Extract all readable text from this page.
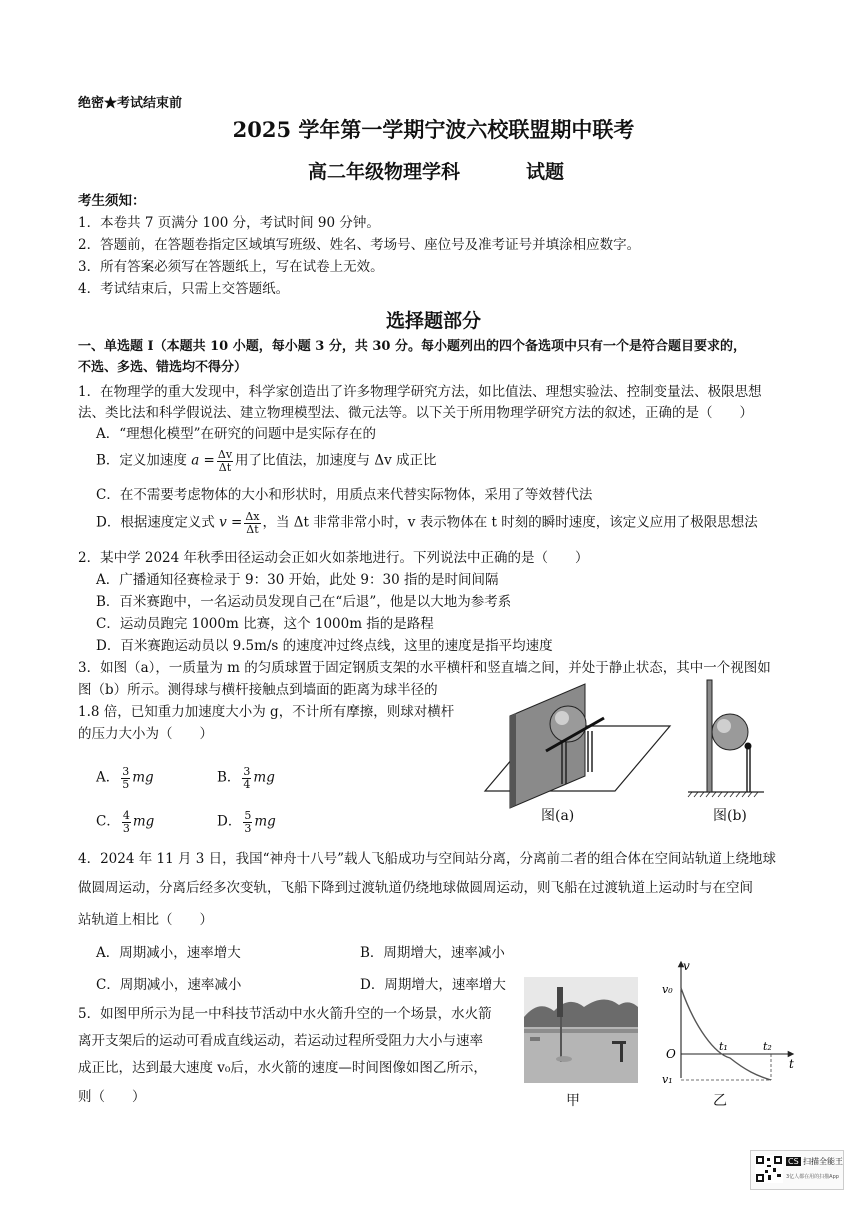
绝密★考试结束前
2025 学年第一学期宁波六校联盟期中联考
高二年级物理学科	试题
考生须知：
1．本卷共 7 页满分 100 分，考试时间 90 分钟。
2．答题前，在答题卷指定区域填写班级、姓名、考场号、座位号及准考证号并填涂相应数字。
3．所有答案必须写在答题纸上，写在试卷上无效。
4．考试结束后，只需上交答题纸。
选择题部分
一、单选题 I（本题共 10 小题，每小题 3 分，共 30 分。每小题列出的四个备选项中只有一个是符合题目要求的，
不选、多选、错选均不得分）
1．在物理学的重大发现中，科学家创造出了许多物理学研究方法，如比值法、理想实验法、控制变量法、极限思想
法、类比法和科学假说法、建立物理模型法、微元法等。以下关于所用物理学研究方法的叙述，正确的是（　　）
A．“理想化模型”在研究的问题中是实际存在的
B．定义加速度 $a = \frac{\Delta v}{\Delta t}$ 用了比值法，加速度与 Δv 成正比
C．在不需要考虑物体的大小和形状时，用质点来代替实际物体，采用了等效替代法
D．根据速度定义式 $v = \frac{\Delta x}{\Delta t}$ ，当 Δt 非常非常小时，v 表示物体在 t 时刻的瞬时速度，该定义应用了极限思想法
2．某中学 2024 年秋季田径运动会正如火如荼地进行。下列说法中正确的是（　　）
A．广播通知径赛检录于 9：30 开始，此处 9：30 指的是时间间隔
B．百米赛跑中，一名运动员发现自己在“后退”，他是以大地为参考系
C．运动员跑完 1000m 比赛，这个 1000m 指的是路程
D．百米赛跑运动员以 9.5m/s 的速度冲过终点线，这里的速度是指平均速度
3．如图（a），一质量为 m 的匀质球置于固定钢质支架的水平横杆和竖直墙之间，并处于静止状态，其中一个视图如
图（b）所示。测得球与横杆接触点到墙面的距离为球半径的
1.8 倍，已知重力加速度大小为 g，不计所有摩擦，则球对横杆
的压力大小为（　　）
A． $\frac{3}{5}$ mg	B． $\frac{3}{4}$ mg
C． $\frac{4}{3}$ mg	D． $\frac{5}{3}$ mg	图(a)	图(b)
4．2024 年 11 月 3 日，我国“神舟十八号”载人飞船成功与空间站分离，分离前二者的组合体在空间站轨道上绕地球
做圆周运动，分离后经多次变轨，飞船下降到过渡轨道仍绕地球做圆周运动，则飞船在过渡轨道上运动时与在空间
站轨道上相比（　　）
A．周期减小，速率增大	B．周期增大，速率减小
C．周期减小，速率减小	D．周期增大，速率增大
5．如图甲所示为昆一中科技节活动中水火箭升空的一个场景，水火箭
离开支架后的运动可看成直线运动，若运动过程所受阻力大小与速率
成正比，达到最大速度 v₀后，水火箭的速度—时间图像如图乙所示，
则（　　）	甲
v
t
O
v₀
v₁
t₁	t₂
乙
CS 扫描全能王
3亿人都在用的扫描App
